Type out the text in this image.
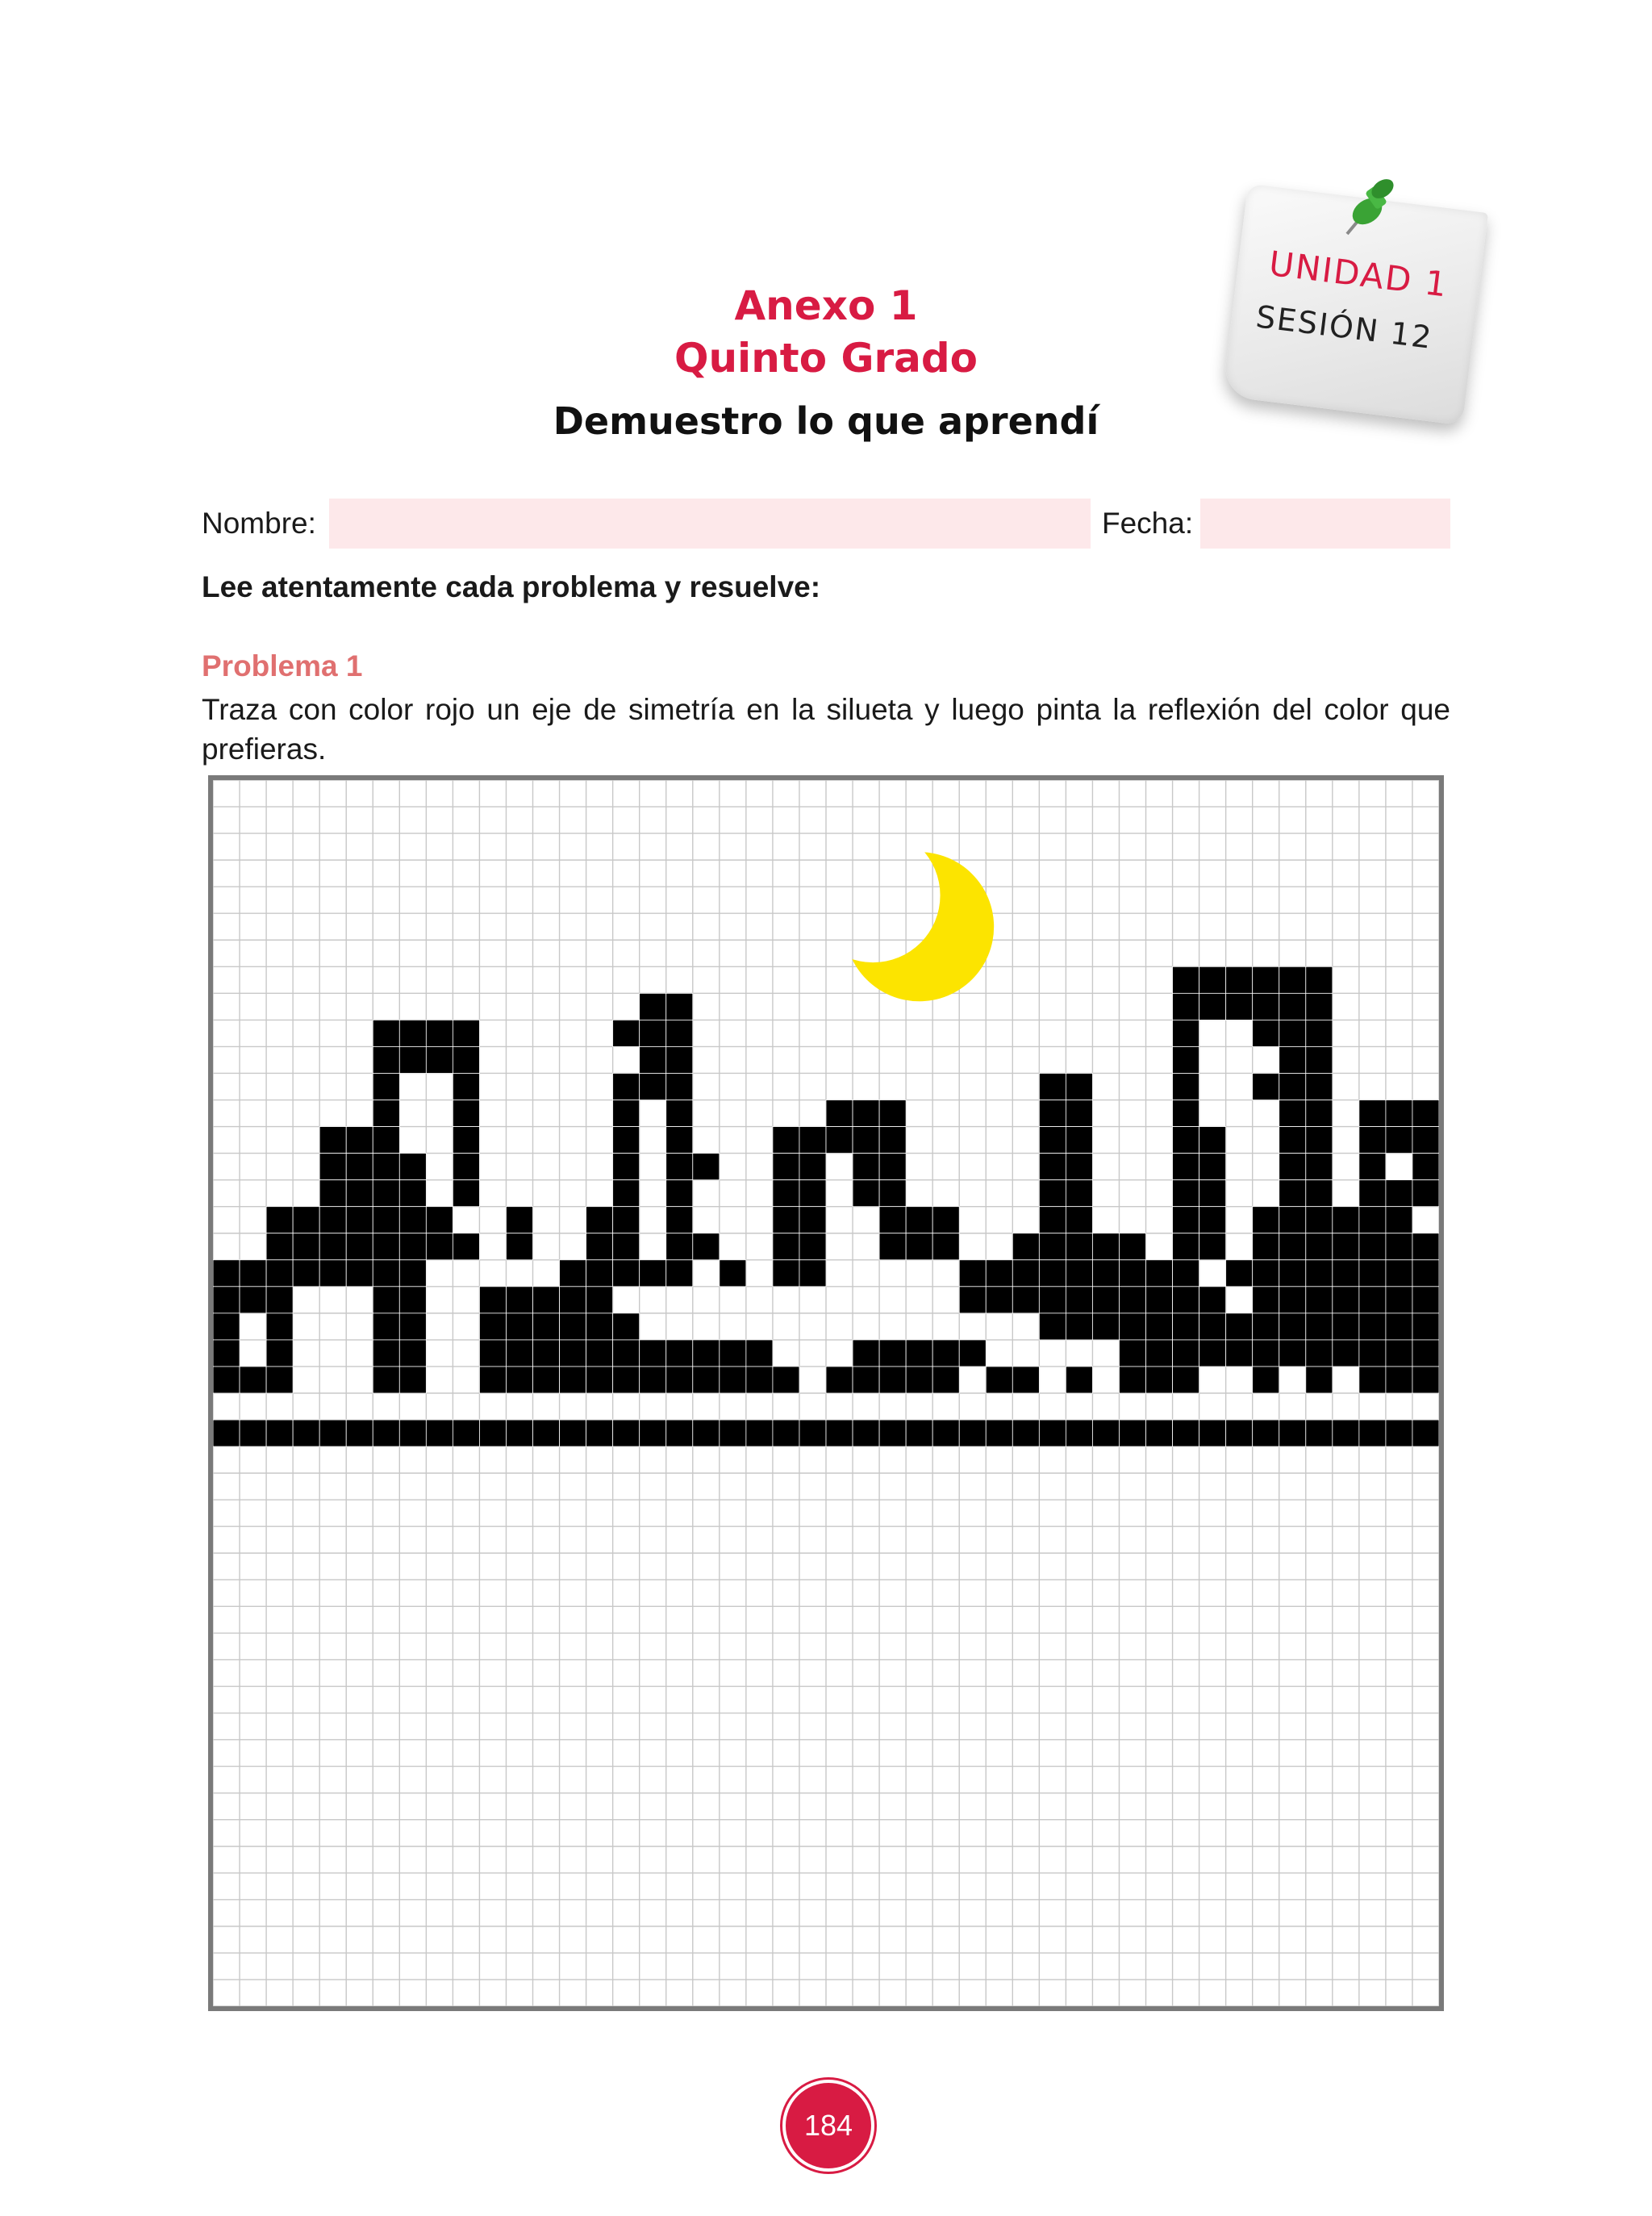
Anexo 1
Quinto Grado
Demuestro lo que aprendí
UNIDAD 1
SESIÓN 12
Nombre:	Fecha:
Lee atentamente cada problema y resuelve:
Problema 1
Traza con color rojo un eje de simetría en la silueta y luego pinta la reflexión del color que prefieras.
184
